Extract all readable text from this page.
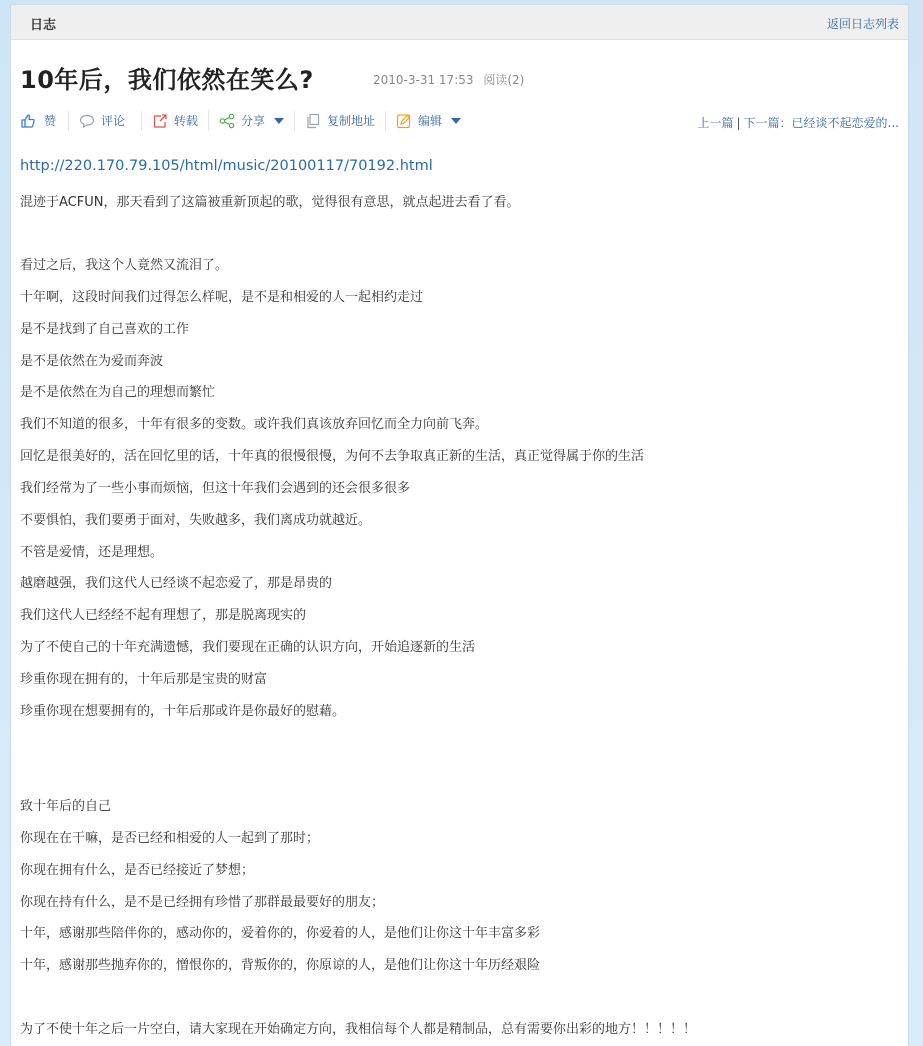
日志	返回日志列表
10年后，我们依然在笑么?	2010-3-31 17:53 阅读(2)
赞	评论	转载	分享	复制地址	编辑	上一篇 | 下一篇：已经谈不起恋爱的...
http://220.170.79.105/html/music/20100117/70192.html
混迹于ACFUN，那天看到了这篇被重新顶起的歌，觉得很有意思，就点起进去看了看。
看过之后，我这个人竟然又流泪了。
十年啊，这段时间我们过得怎么样呢，是不是和相爱的人一起相约走过
是不是找到了自己喜欢的工作
是不是依然在为爱而奔波
是不是依然在为自己的理想而繁忙
我们不知道的很多，十年有很多的变数。或许我们真该放弃回忆而全力向前飞奔。
回忆是很美好的，活在回忆里的话，十年真的很慢很慢，为何不去争取真正新的生活，真正觉得属于你的生活
我们经常为了一些小事而烦恼，但这十年我们会遇到的还会很多很多
不要惧怕，我们要勇于面对，失败越多，我们离成功就越近。
不管是爱情，还是理想。
越磨越强，我们这代人已经谈不起恋爱了，那是昂贵的
我们这代人已经经不起有理想了，那是脱离现实的
为了不使自己的十年充满遗憾，我们要现在正确的认识方向，开始追逐新的生活
珍重你现在拥有的，十年后那是宝贵的财富
珍重你现在想要拥有的，十年后那或许是你最好的慰藉。
致十年后的自己
你现在在干嘛，是否已经和相爱的人一起到了那时；
你现在拥有什么，是否已经接近了梦想；
你现在持有什么，是不是已经拥有珍惜了那群最最要好的朋友；
十年，感谢那些陪伴你的，感动你的，爱着你的，你爱着的人，是他们让你这十年丰富多彩
十年，感谢那些抛弃你的，憎恨你的，背叛你的，你原谅的人，是他们让你这十年历经艰险
为了不使十年之后一片空白，请大家现在开始确定方向，我相信每个人都是精制品，总有需要你出彩的地方！！！！！
